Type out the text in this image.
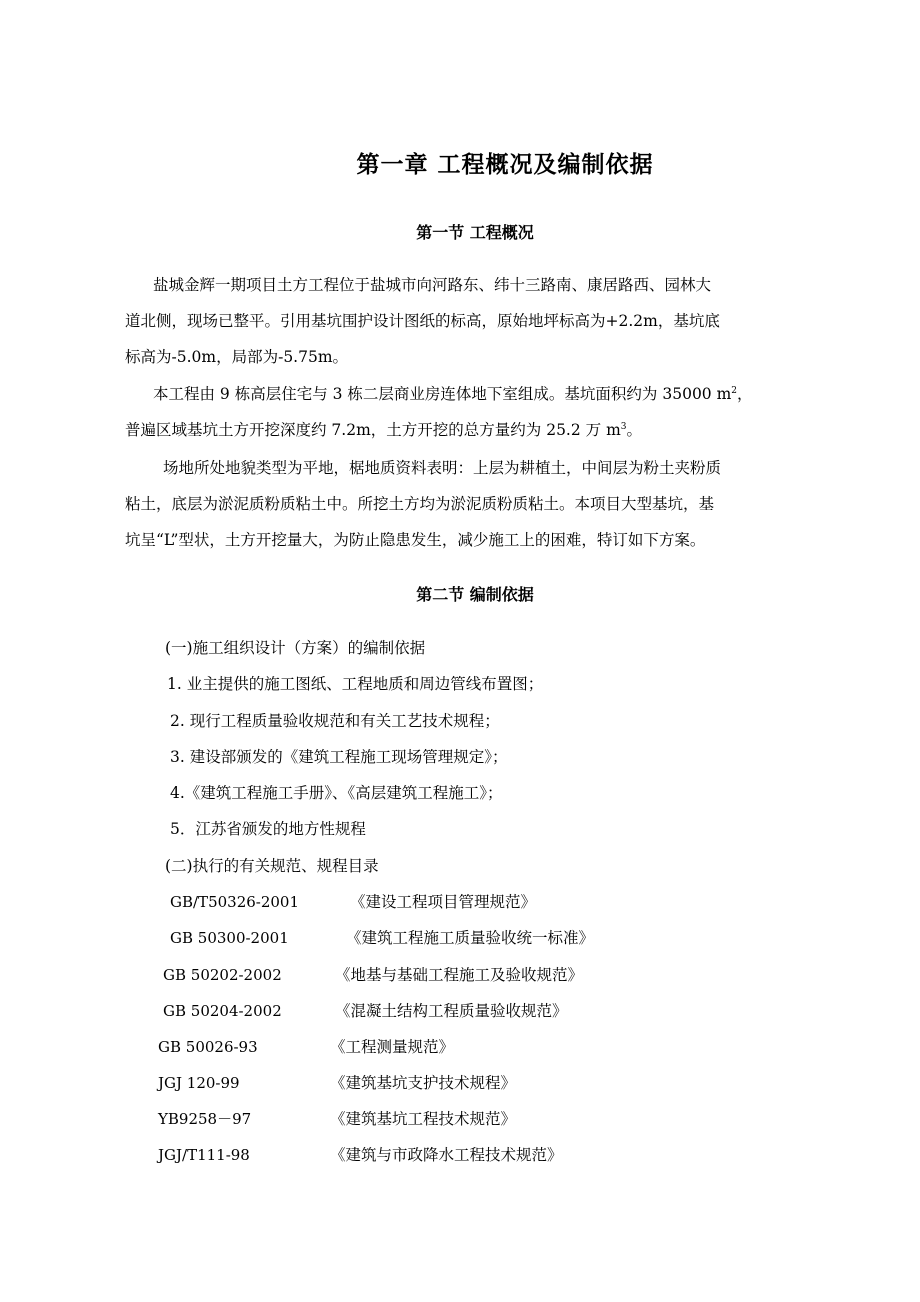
第一章 工程概况及编制依据
第一节 工程概况
盐城金辉一期项目土方工程位于盐城市向河路东、纬十三路南、康居路西、园林大
道北侧，现场已整平。引用基坑围护设计图纸的标高，原始地坪标高为+2.2m，基坑底
标高为-5.0m，局部为-5.75m。
本工程由 9 栋高层住宅与 3 栋二层商业房连体地下室组成。基坑面积约为 35000 $m^2$，
普遍区域基坑土方开挖深度约 7.2m，土方开挖的总方量约为 25.2 万 $m^3$。
场地所处地貌类型为平地，椐地质资料表明：上层为耕植土，中间层为粉土夹粉质
粘土，底层为淤泥质粉质粘土中。所挖土方均为淤泥质粉质粘土。本项目大型基坑，基
坑呈“L”型状，土方开挖量大，为防止隐患发生，减少施工上的困难，特订如下方案。
第二节 编制依据
(一)施工组织设计（方案）的编制依据
1. 业主提供的施工图纸、工程地质和周边管线布置图；
2. 现行工程质量验收规范和有关工艺技术规程；
3. 建设部颁发的《建筑工程施工现场管理规定》；
4.《建筑工程施工手册》、《高层建筑工程施工》；
5．江苏省颁发的地方性规程
(二)执行的有关规范、规程目录
GB/T50326-2001	《建设工程项目管理规范》
GB 50300-2001	《建筑工程施工质量验收统一标准》
GB 50202-2002	《地基与基础工程施工及验收规范》
GB 50204-2002	《混凝土结构工程质量验收规范》
GB 50026-93	《工程测量规范》
JGJ 120-99	《建筑基坑支护技术规程》
YB9258－97	《建筑基坑工程技术规范》
JGJ/T111-98	《建筑与市政降水工程技术规范》
